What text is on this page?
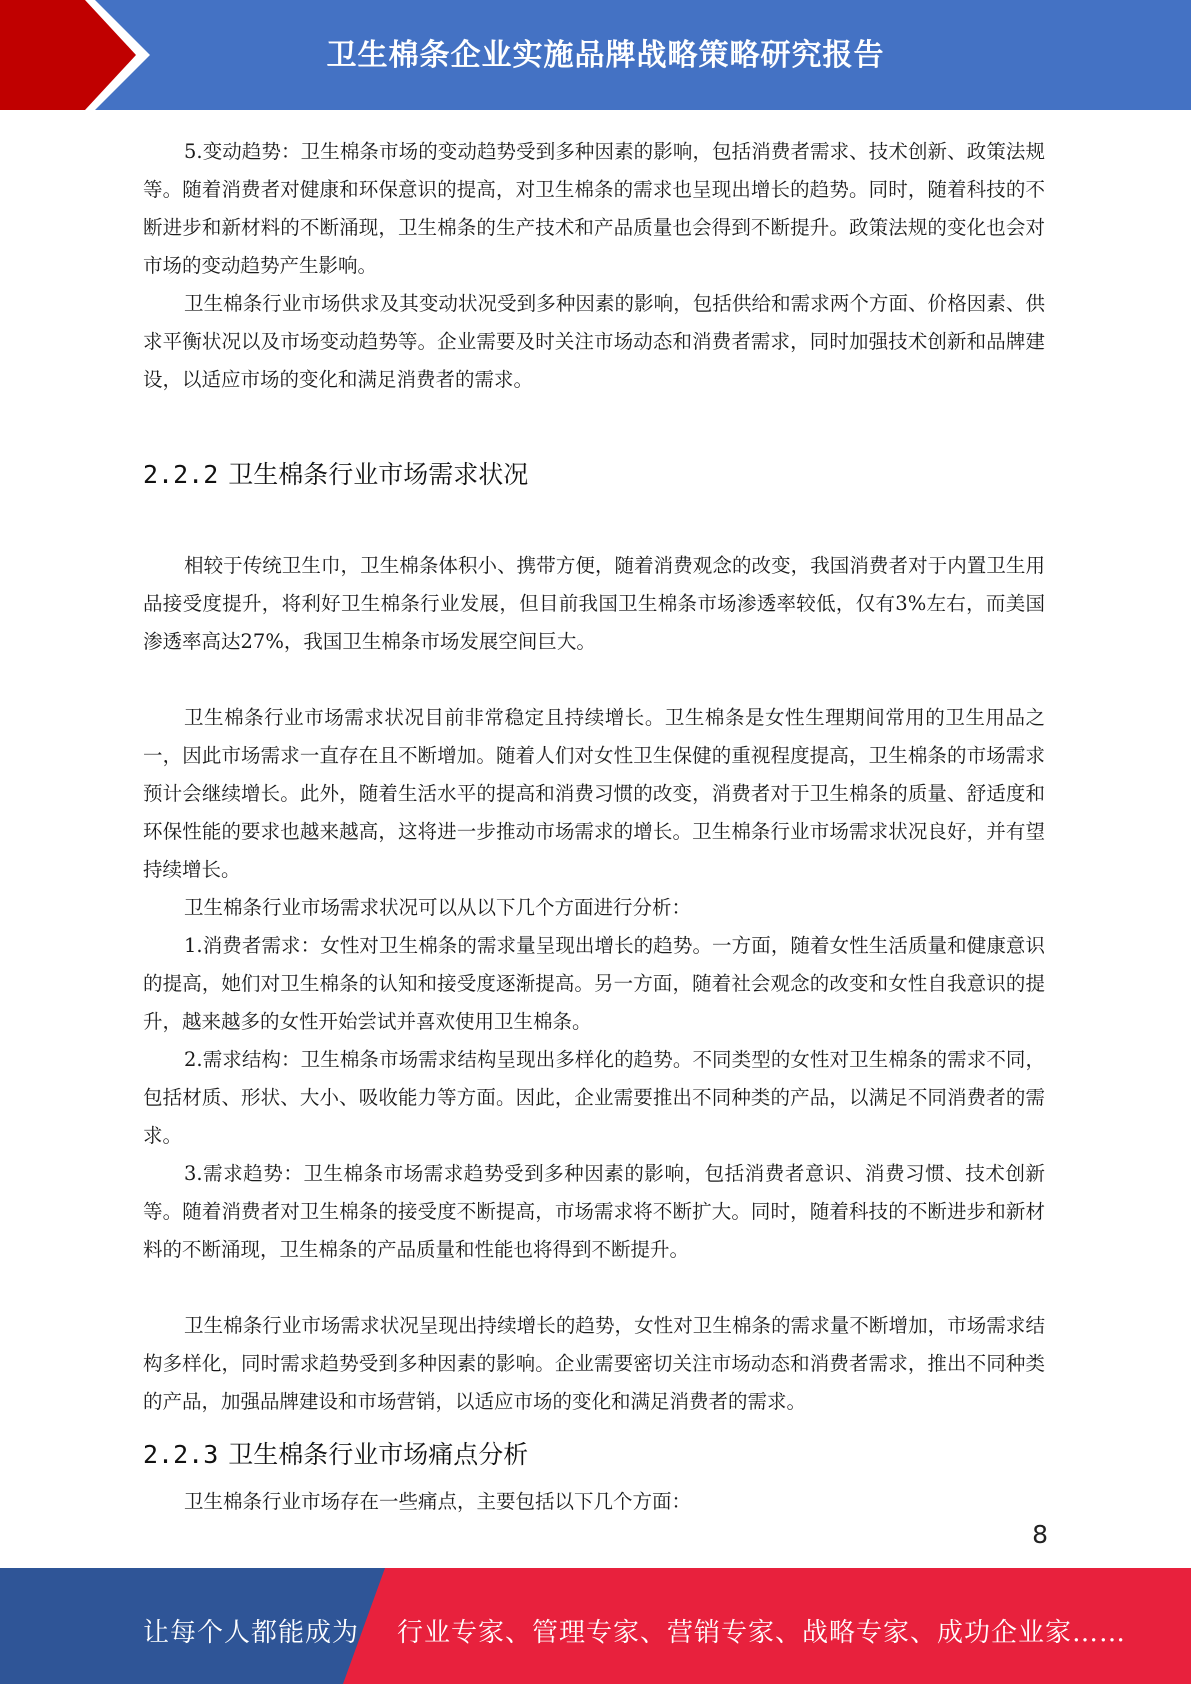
卫生棉条企业实施品牌战略策略研究报告

5.变动趋势：卫生棉条市场的变动趋势受到多种因素的影响，包括消费者需求、技术创新、政策法规等。随着消费者对健康和环保意识的提高，对卫生棉条的需求也呈现出增长的趋势。同时，随着科技的不断进步和新材料的不断涌现，卫生棉条的生产技术和产品质量也会得到不断提升。政策法规的变化也会对市场的变动趋势产生影响。

卫生棉条行业市场供求及其变动状况受到多种因素的影响，包括供给和需求两个方面、价格因素、供求平衡状况以及市场变动趋势等。企业需要及时关注市场动态和消费者需求，同时加强技术创新和品牌建设，以适应市场的变化和满足消费者的需求。

2.2.2 卫生棉条行业市场需求状况

相较于传统卫生巾，卫生棉条体积小、携带方便，随着消费观念的改变，我国消费者对于内置卫生用品接受度提升，将利好卫生棉条行业发展，但目前我国卫生棉条市场渗透率较低，仅有3%左右，而美国渗透率高达27%，我国卫生棉条市场发展空间巨大。

卫生棉条行业市场需求状况目前非常稳定且持续增长。卫生棉条是女性生理期间常用的卫生用品之一，因此市场需求一直存在且不断增加。随着人们对女性卫生保健的重视程度提高，卫生棉条的市场需求预计会继续增长。此外，随着生活水平的提高和消费习惯的改变，消费者对于卫生棉条的质量、舒适度和环保性能的要求也越来越高，这将进一步推动市场需求的增长。卫生棉条行业市场需求状况良好，并有望持续增长。

卫生棉条行业市场需求状况可以从以下几个方面进行分析：

1.消费者需求：女性对卫生棉条的需求量呈现出增长的趋势。一方面，随着女性生活质量和健康意识的提高，她们对卫生棉条的认知和接受度逐渐提高。另一方面，随着社会观念的改变和女性自我意识的提升，越来越多的女性开始尝试并喜欢使用卫生棉条。

2.需求结构：卫生棉条市场需求结构呈现出多样化的趋势。不同类型的女性对卫生棉条的需求不同，包括材质、形状、大小、吸收能力等方面。因此，企业需要推出不同种类的产品，以满足不同消费者的需求。

3.需求趋势：卫生棉条市场需求趋势受到多种因素的影响，包括消费者意识、消费习惯、技术创新等。随着消费者对卫生棉条的接受度不断提高，市场需求将不断扩大。同时，随着科技的不断进步和新材料的不断涌现，卫生棉条的产品质量和性能也将得到不断提升。

卫生棉条行业市场需求状况呈现出持续增长的趋势，女性对卫生棉条的需求量不断增加，市场需求结构多样化，同时需求趋势受到多种因素的影响。企业需要密切关注市场动态和消费者需求，推出不同种类的产品，加强品牌建设和市场营销，以适应市场的变化和满足消费者的需求。

2.2.3 卫生棉条行业市场痛点分析

卫生棉条行业市场存在一些痛点，主要包括以下几个方面：

8
让每个人都能成为 行业专家、管理专家、营销专家、战略专家、成功企业家……
